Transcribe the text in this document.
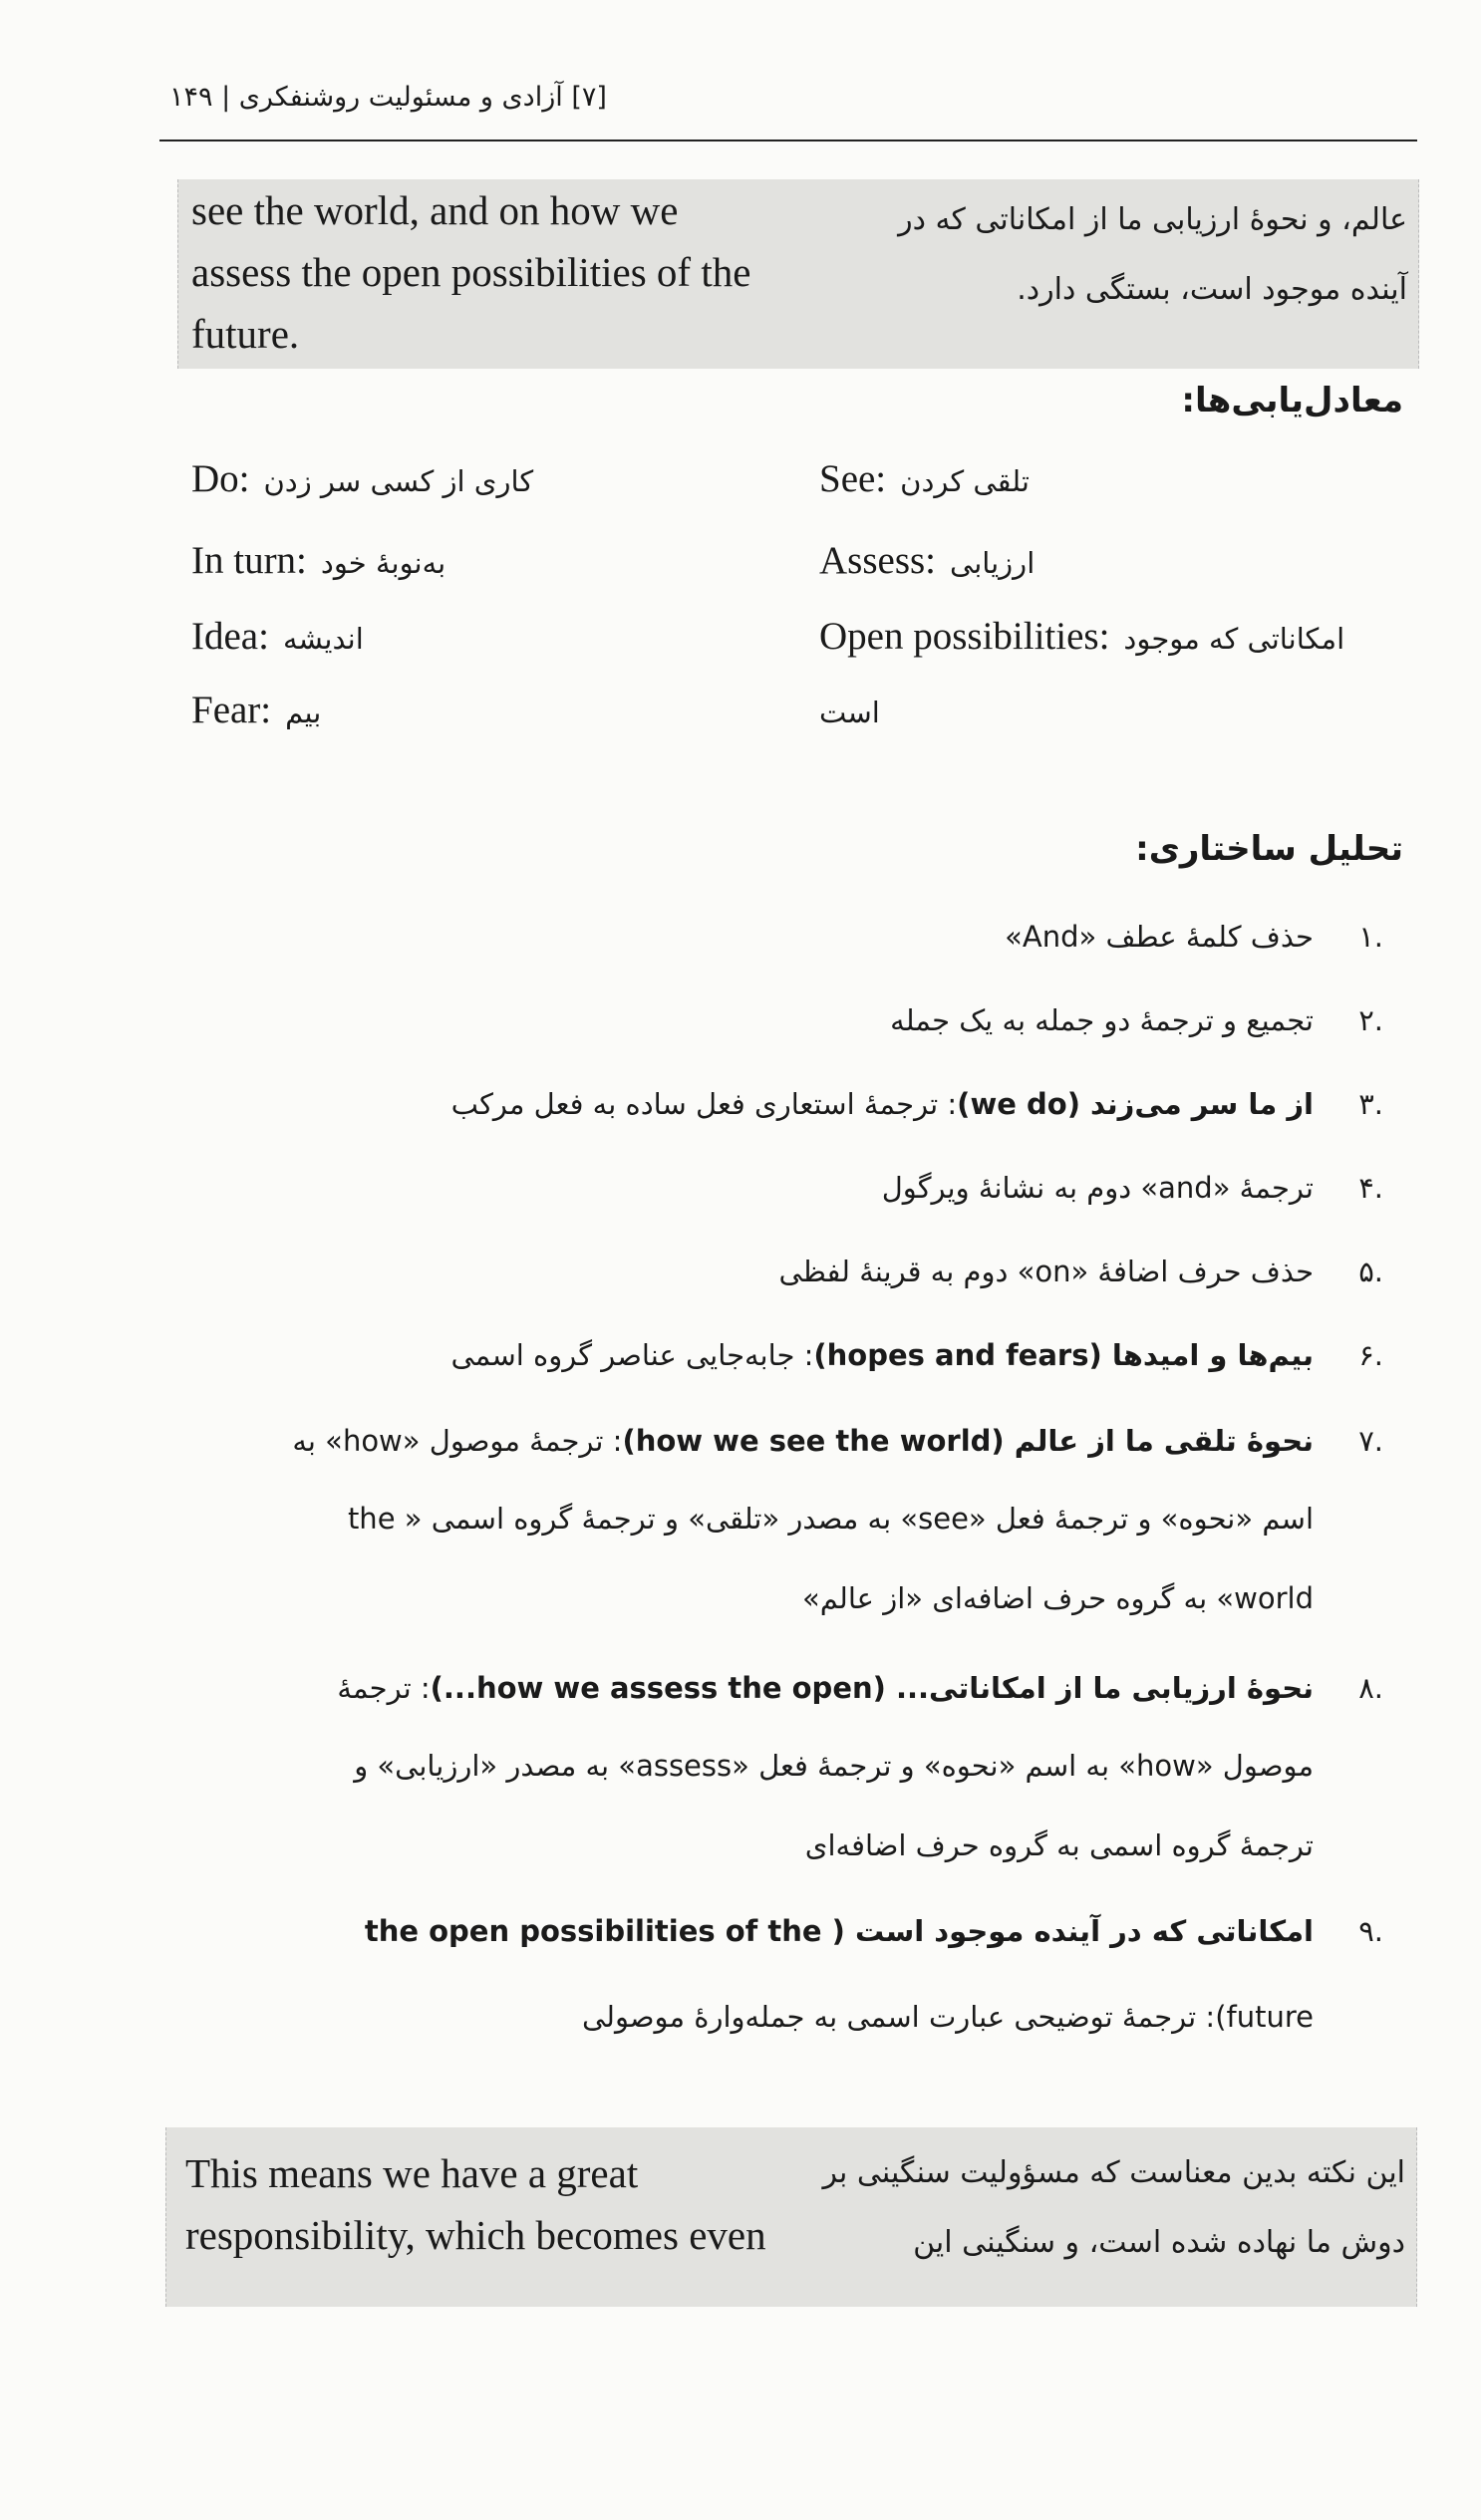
[۷] آزادی و مسئولیت روشنفکری | ۱۴۹
see the world, and on how we assess the open possibilities of the future.
عالم، و نحوهٔ ارزیابی ما از امکاناتی که در آینده موجود است، بستگی دارد.
معادل‌یابی‌ها:
Do: کاری از کسی سر زدن
In turn: به‌نوبهٔ خود
Idea: اندیشه
Fear: بیم
See: تلقی کردن
Assess: ارزیابی
Open possibilities: امکاناتی که موجود
است
تحلیل ساختاری:
.۱حذف کلمهٔ عطف «And»
.۲تجمیع و ترجمهٔ دو جمله به یک جمله
.۳از ما سر می‌زند (we do): ترجمهٔ استعاری فعل ساده به فعل مرکب
.۴ترجمهٔ «and» دوم به نشانهٔ ویرگول
.۵حذف حرف اضافهٔ «on» دوم به قرینهٔ لفظی
.۶بیم‌ها و امیدها (hopes and fears): جابه‌جایی عناصر گروه اسمی
.۷نحوهٔ تلقی ما از عالم (how we see the world): ترجمهٔ موصول «how» به
اسم «نحوه» و ترجمهٔ فعل «see» به مصدر «تلقی» و ترجمهٔ گروه اسمی « the
world» به گروه حرف اضافه‌ای «از عالم»
.۸نحوهٔ ارزیابی ما از امکاناتی... (how we assess the open...): ترجمهٔ
موصول «how» به اسم «نحوه» و ترجمهٔ فعل «assess» به مصدر «ارزیابی» و
ترجمهٔ گروه اسمی به گروه حرف اضافه‌ای
.۹امکاناتی که در آینده موجود است ( the open possibilities of the
future): ترجمهٔ توضیحی عبارت اسمی به جمله‌وارهٔ موصولی
This means we have a great responsibility, which becomes even
این نکته بدین معناست که مسؤولیت سنگینی بر دوش ما نهاده شده است، و سنگینی این
